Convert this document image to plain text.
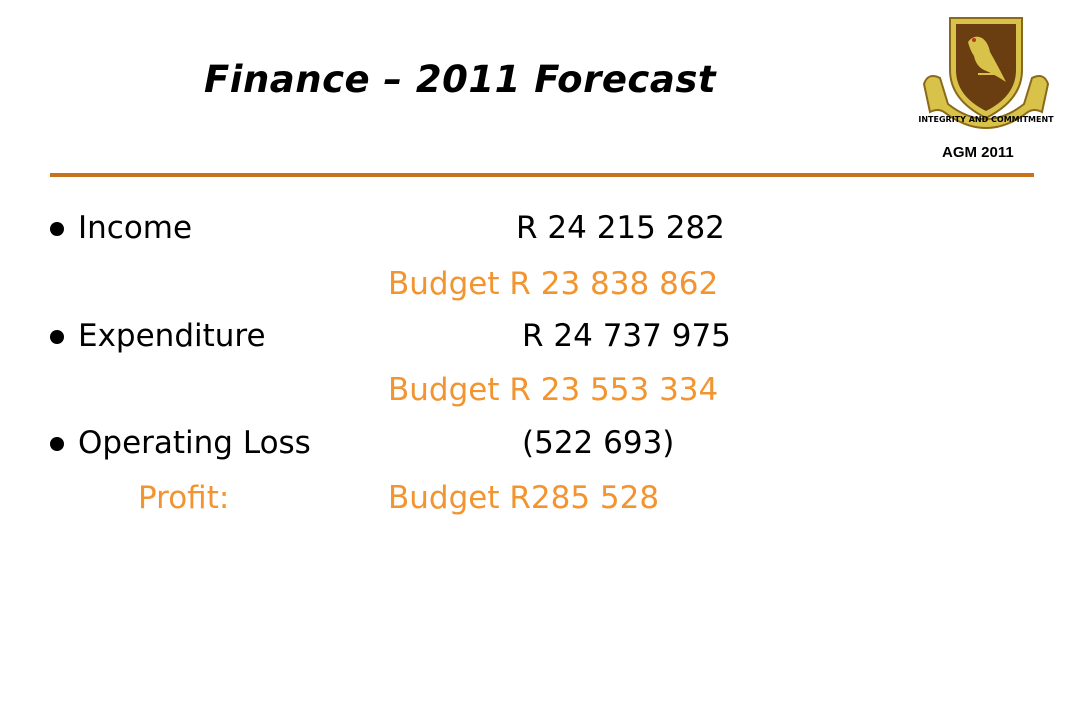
Finance – 2011 Forecast
INTEGRITY AND COMMITMENT
AGM 2011
Income	R 24 215 282
Budget R 23 838 862
Expenditure	R 24 737 975
Budget R 23 553 334
Operating Loss	(522 693)
Profit:	Budget R285 528
